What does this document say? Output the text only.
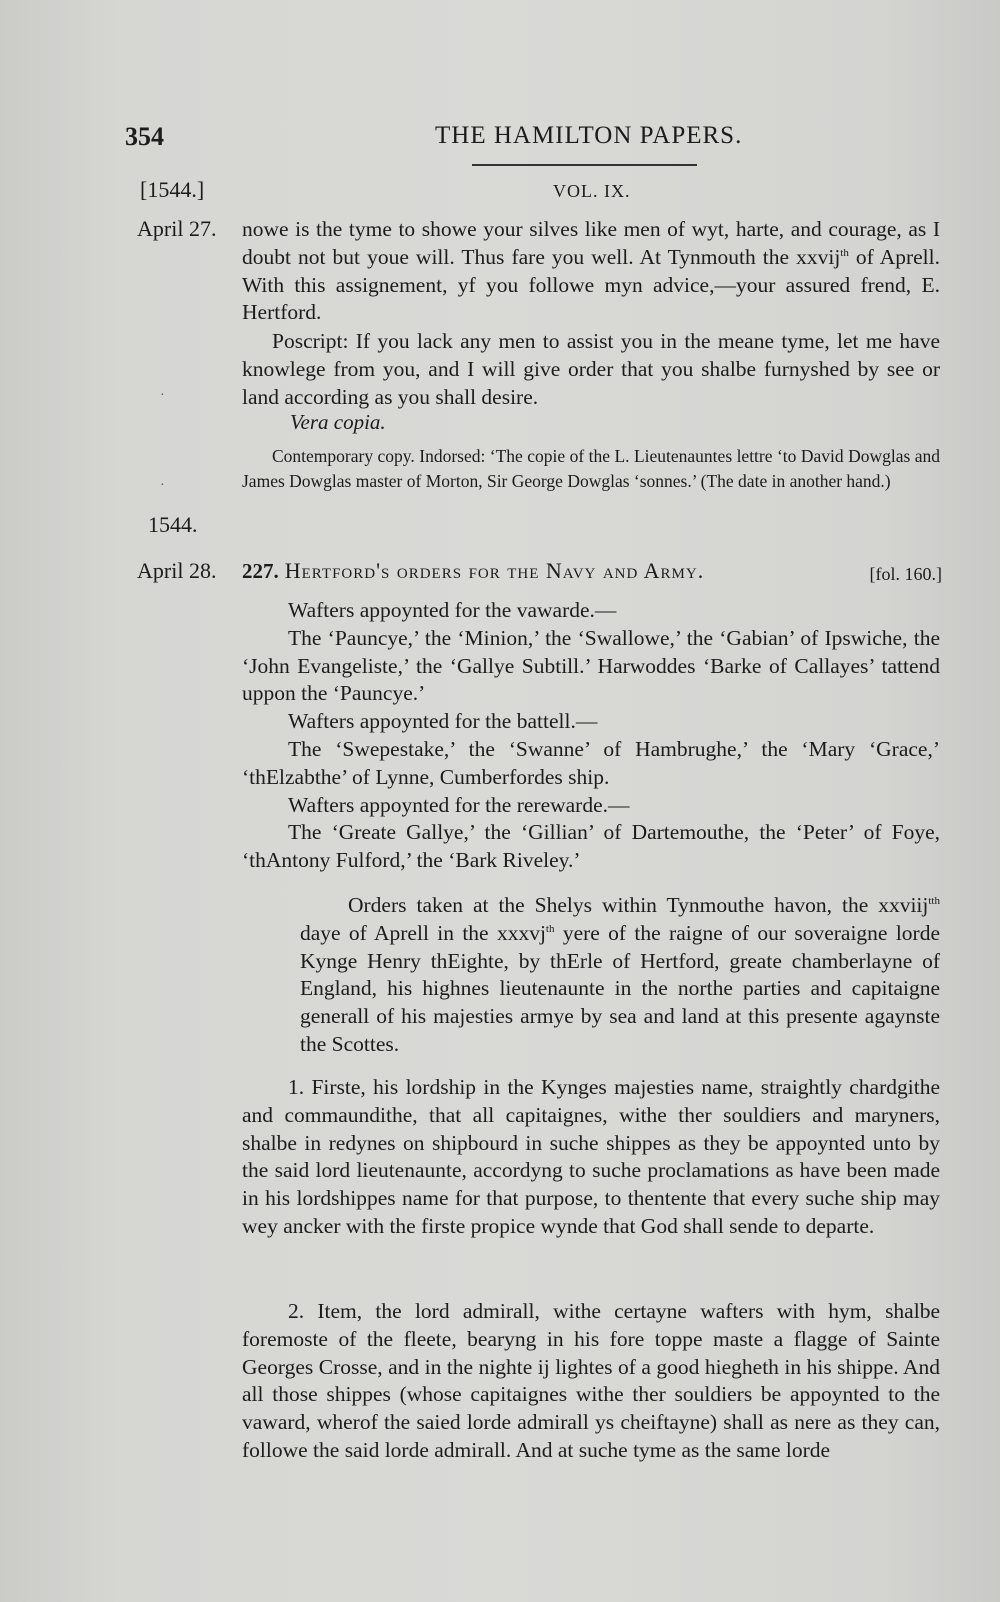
354	THE HAMILTON PAPERS.
[1544.]	VOL. IX.
April 27.
1544.
April 28.

nowe is the tyme to showe your silves like men of wyt, harte, and courage, as I doubt not but youe will. Thus fare you well. At Tynmouth the xxvij$^{th}$ of Aprell. With this assignement, yf you followe myn advice,—your assured frend, E. Hertford.

Poscript: If you lack any men to assist you in the meane tyme, let me have knowlege from you, and I will give order that you shalbe furnyshed by see or land according as you shall desire.

Vera copia.

Contemporary copy. Indorsed: ‘The copie of the L. Lieutenauntes lettre ‘to David Dowglas and James Dowglas master of Morton, Sir George Dowglas ‘sonnes.’ (The date in another hand.)

227. Hertford's orders for the Navy and Army.	[fol. 160.]

Wafters appoynted for the vawarde.—

The ‘Pauncye,’ the ‘Minion,’ the ‘Swallowe,’ the ‘Gabian’ of Ipswiche, the ‘John Evangeliste,’ the ‘Gallye Subtill.’ Harwoddes ‘Barke of Callayes’ tattend uppon the ‘Pauncye.’

Wafters appoynted for the battell.—

The ‘Swepestake,’ the ‘Swanne’ of Hambrughe,’ the ‘Mary ‘Grace,’ ‘thElzabthe’ of Lynne, Cumberfordes ship.

Wafters appoynted for the rerewarde.—

The ‘Greate Gallye,’ the ‘Gillian’ of Dartemouthe, the ‘Peter’ of Foye, ‘thAntony Fulford,’ the ‘Bark Riveley.’

Orders taken at the Shelys within Tynmouthe havon, the xxviij$^{tth}$ daye of Aprell in the xxxvj$^{th}$ yere of the raigne of our soveraigne lorde Kynge Henry thEighte, by thErle of Hertford, greate chamberlayne of England, his highnes lieutenaunte in the northe parties and capitaigne generall of his majesties armye by sea and land at this presente agaynste the Scottes.

1. Firste, his lordship in the Kynges majesties name, straightly chardgithe and commaundithe, that all capitaignes, withe ther souldiers and maryners, shalbe in redynes on shipbourd in suche shippes as they be appoynted unto by the said lord lieutenaunte, accordyng to suche proclamations as have been made in his lordshippes name for that purpose, to thentente that every suche ship may wey ancker with the firste propice wynde that God shall sende to departe.

2. Item, the lord admirall, withe certayne wafters with hym, shalbe foremoste of the fleete, bearyng in his fore toppe maste a flagge of Sainte Georges Crosse, and in the nighte ij lightes of a good hiegheth in his shippe. And all those shippes (whose capitaignes withe ther souldiers be appoynted to the vaward, wherof the saied lorde admirall ys cheiftayne) shall as nere as they can, followe the said lorde admirall. And at suche tyme as the same lorde

·
·
